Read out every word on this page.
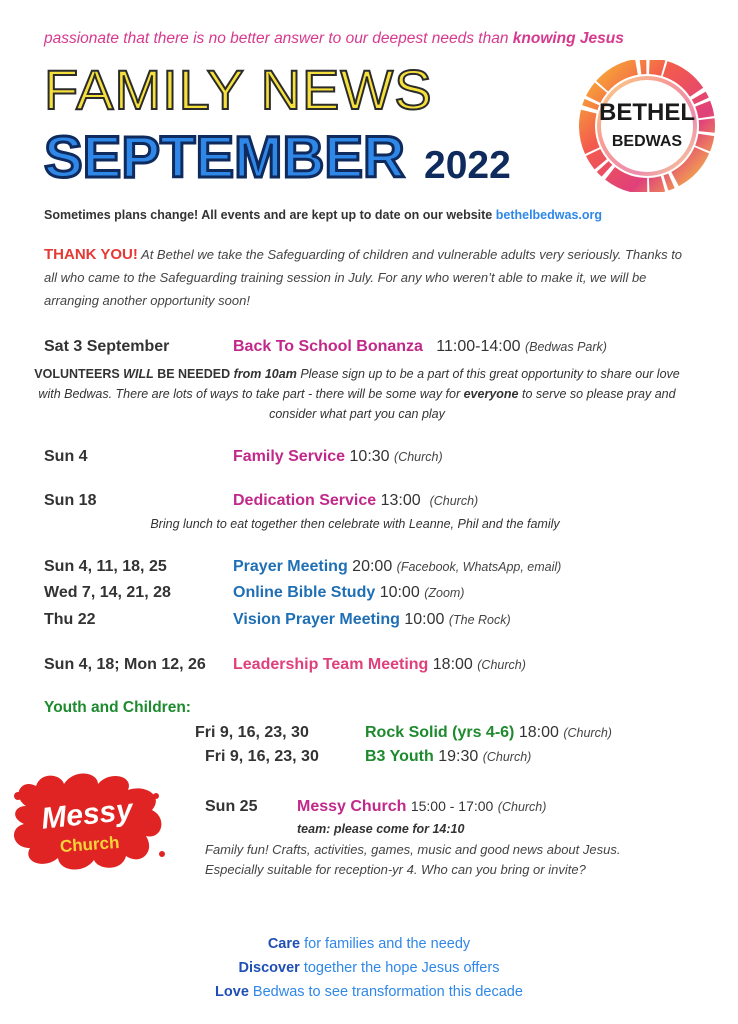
passionate that there is no better answer to our deepest needs than knowing Jesus
FAMILY NEWS
SEPTEMBER 2022
BETHEL
BEDWAS
Sometimes plans change! All events and are kept up to date on our website bethelbedwas.org
THANK YOU! At Bethel we take the Safeguarding of children and vulnerable adults very seriously. Thanks to all who came to the Safeguarding training session in July. For any who weren’t able to make it, we will be arranging another opportunity soon!
Sat 3 September	Back To School Bonanza 11:00-14:00 (Bedwas Park)
VOLUNTEERS WILL BE NEEDED from 10am Please sign up to be a part of this great opportunity to share our love with Bedwas. There are lots of ways to take part - there will be some way for everyone to serve so please pray and consider what part you can play
Sun 4	Family Service 10:30 (Church)
Sun 18	Dedication Service 13:00 (Church)
Bring lunch to eat together then celebrate with Leanne, Phil and the family
Sun 4, 11, 18, 25	Prayer Meeting 20:00 (Facebook, WhatsApp, email)
Wed 7, 14, 21, 28	Online Bible Study 10:00 (Zoom)
Thu 22	Vision Prayer Meeting 10:00 (The Rock)
Sun 4, 18; Mon 12, 26 Leadership Team Meeting 18:00 (Church)
Youth and Children:
Fri 9, 16, 23, 30	Rock Solid (yrs 4-6) 18:00 (Church)
Fri 9, 16, 23, 30	B3 Youth 19:30 (Church)
Messy
Church
Sun 25 Messy Church 15:00 - 17:00 (Church)
team: please come for 14:10
Family fun! Crafts, activities, games, music and good news about Jesus.
Especially suitable for reception-yr 4. Who can you bring or invite?
Care for families and the needy
Discover together the hope Jesus offers
Love Bedwas to see transformation this decade
